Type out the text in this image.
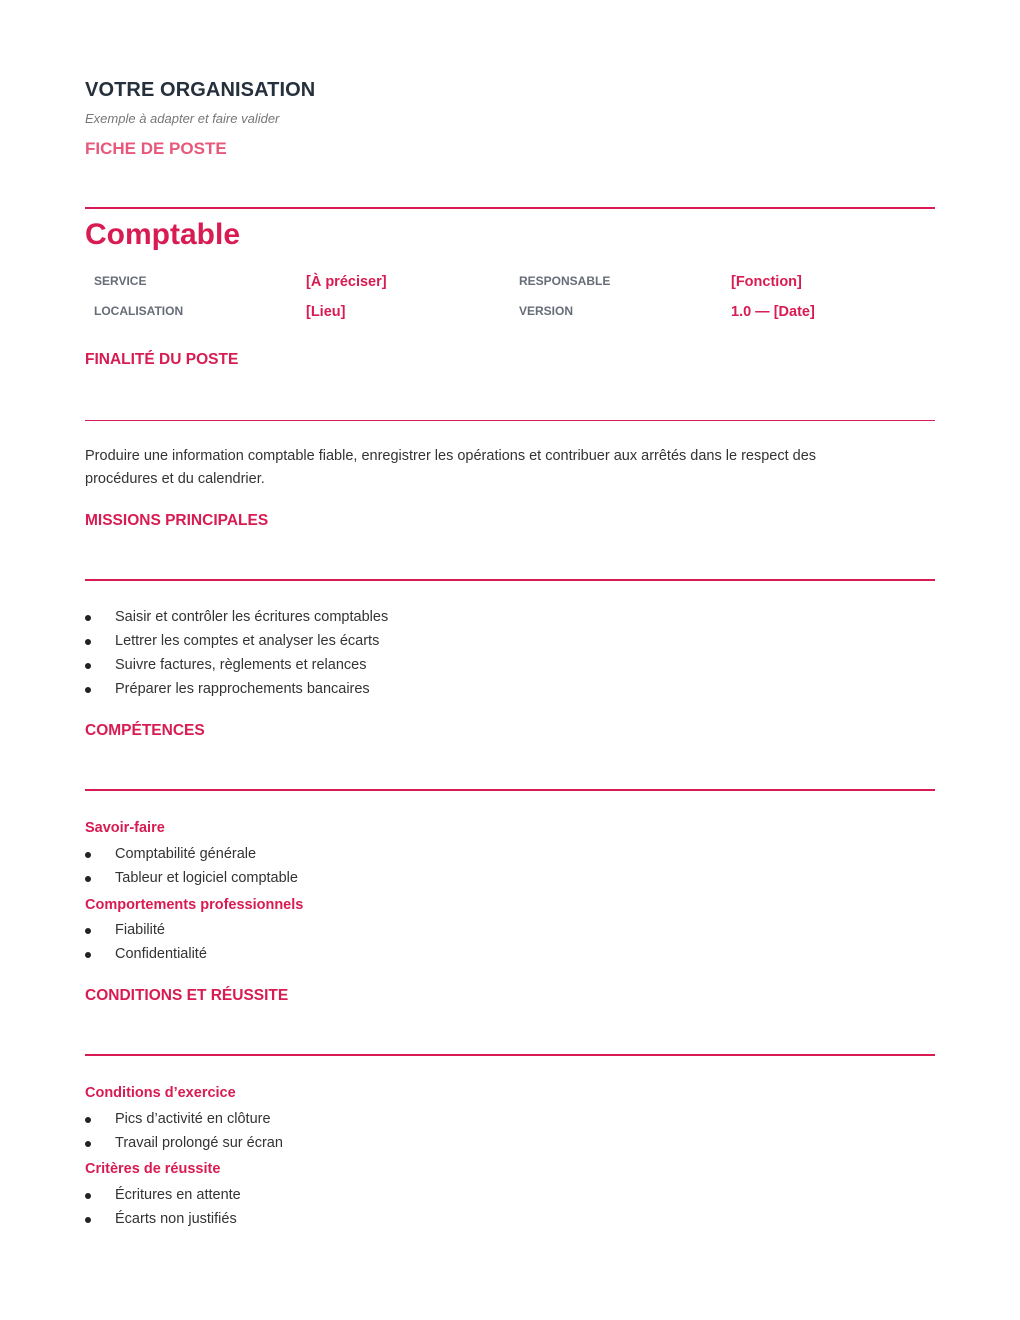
VOTRE ORGANISATION
Exemple à adapter et faire valider
FICHE DE POSTE
Comptable
SERVICE	[À préciser]	RESPONSABLE	[Fonction]
LOCALISATION	[Lieu]	VERSION	1.0 — [Date]
FINALITÉ DU POSTE
Produire une information comptable fiable, enregistrer les opérations et contribuer aux arrêtés dans le respect des procédures et du calendrier.
MISSIONS PRINCIPALES
Saisir et contrôler les écritures comptables
Lettrer les comptes et analyser les écarts
Suivre factures, règlements et relances
Préparer les rapprochements bancaires
COMPÉTENCES
Savoir-faire
Comptabilité générale
Tableur et logiciel comptable
Comportements professionnels
Fiabilité
Confidentialité
CONDITIONS ET RÉUSSITE
Conditions d’exercice
Pics d’activité en clôture
Travail prolongé sur écran
Critères de réussite
Écritures en attente
Écarts non justifiés
